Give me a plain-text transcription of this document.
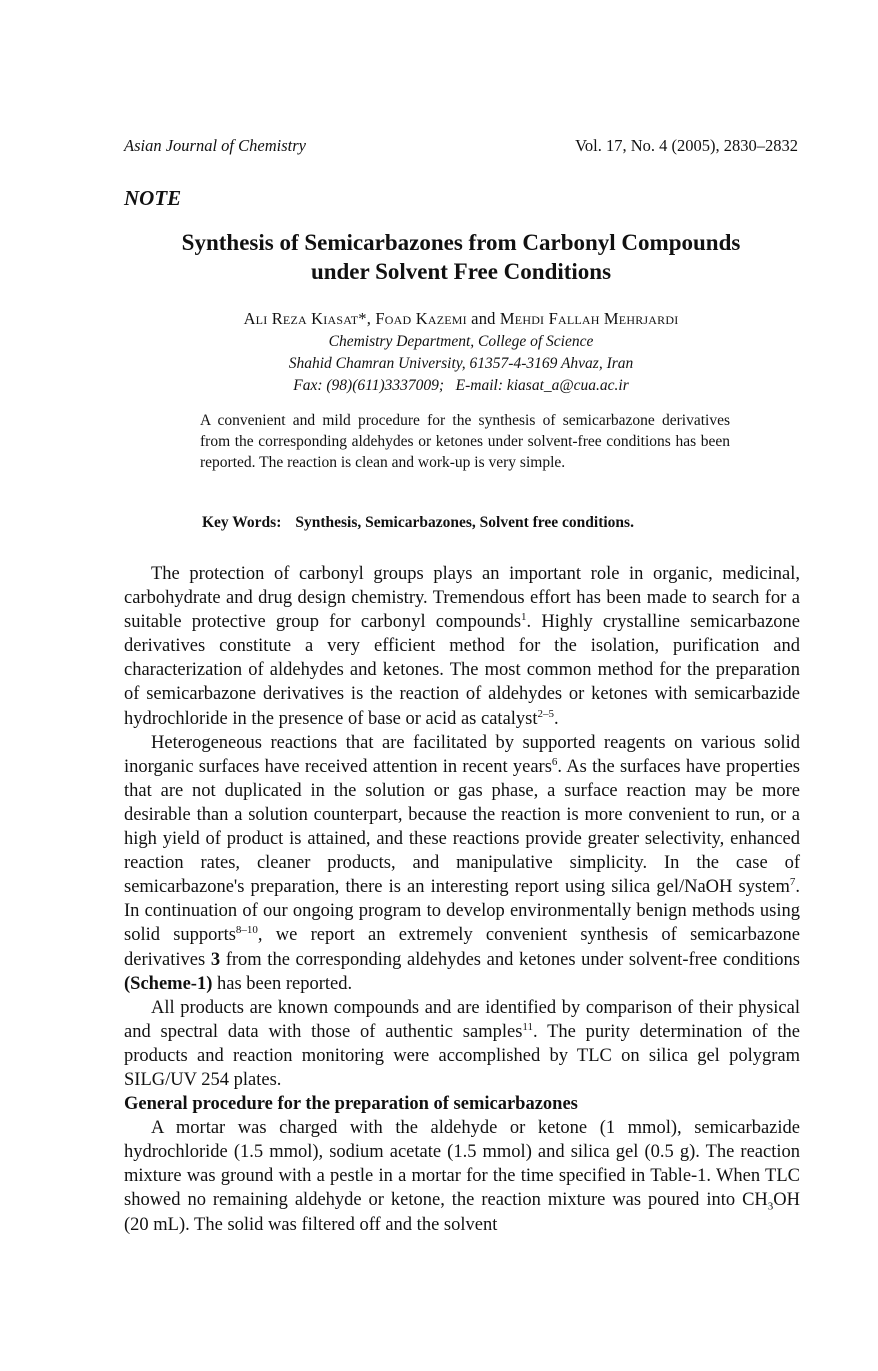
Asian Journal of Chemistry	Vol. 17, No. 4 (2005), 2830–2832
NOTE
Synthesis of Semicarbazones from Carbonyl Compounds
under Solvent Free Conditions
Ali Reza Kiasat*, Foad Kazemi and Mehdi Fallah Mehrjardi
Chemistry Department, College of Science
Shahid Chamran University, 61357-4-3169 Ahvaz, Iran
Fax: (98)(611)3337009;   E-mail: kiasat_a@cua.ac.ir
A convenient and mild procedure for the synthesis of semicarbazone derivatives from the corresponding aldehydes or ketones under solvent-free conditions has been reported. The reaction is clean and work-up is very simple.
Key Words: Synthesis, Semicarbazones, Solvent free conditions.

The protection of carbonyl groups plays an important role in organic, medicinal, carbohydrate and drug design chemistry. Tremendous effort has been made to search for a suitable protective group for carbonyl compounds$^1$. Highly crystalline semicarbazone derivatives constitute a very efficient method for the isolation, purification and characterization of aldehydes and ketones. The most common method for the preparation of semicarbazone derivatives is the reaction of aldehydes or ketones with semicarbazide hydrochloride in the presence of base or acid as catalyst$^{2-5}$.

Heterogeneous reactions that are facilitated by supported reagents on various solid inorganic surfaces have received attention in recent years$^6$. As the surfaces have properties that are not duplicated in the solution or gas phase, a surface reaction may be more desirable than a solution counterpart, because the reaction is more convenient to run, or a high yield of product is attained, and these reactions provide greater selectivity, enhanced reaction rates, cleaner products, and manipulative simplicity. In the case of semicarbazone's preparation, there is an interesting report using silica gel/NaOH system$^7$. In continuation of our ongoing program to develop environmentally benign methods using solid supports$^{8-10}$, we report an extremely convenient synthesis of semicarbazone derivatives 3 from the corresponding aldehydes and ketones under solvent-free conditions (Scheme-1) has been reported.

All products are known compounds and are identified by comparison of their physical and spectral data with those of authentic samples$^{11}$. The purity determination of the products and reaction monitoring were accomplished by TLC on silica gel polygram SILG/UV 254 plates.

General procedure for the preparation of semicarbazones

A mortar was charged with the aldehyde or ketone (1 mmol), semicarbazide hydrochloride (1.5 mmol), sodium acetate (1.5 mmol) and silica gel (0.5 g). The reaction mixture was ground with a pestle in a mortar for the time specified in Table-1. When TLC showed no remaining aldehyde or ketone, the reaction mixture was poured into $CH_3OH$ (20 mL). The solid was filtered off and the solvent
